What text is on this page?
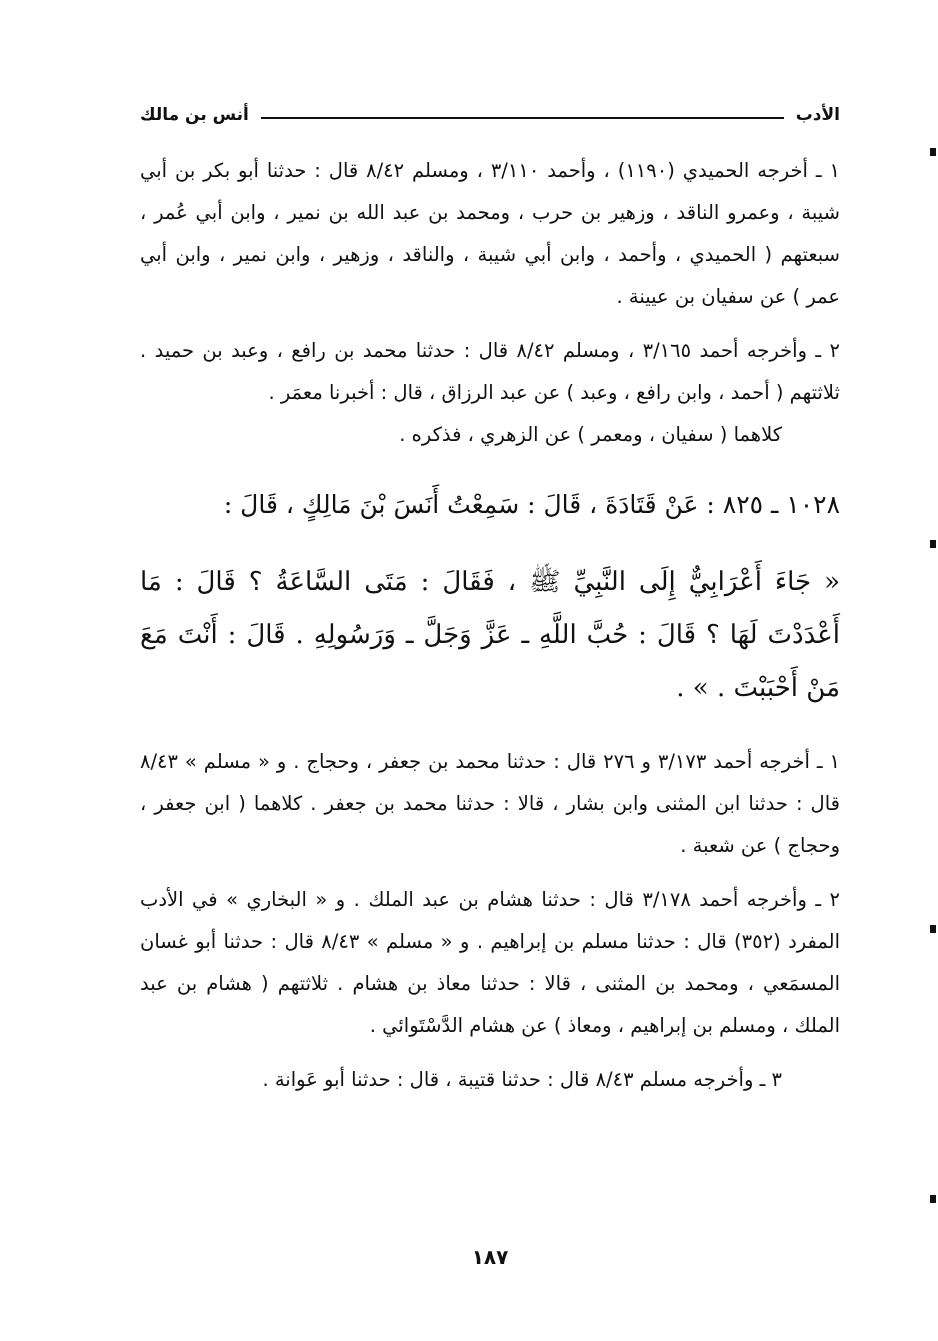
الأدب
أنس بن مالك

١ ـ أخرجه الحميدي (١١٩٠) ، وأحمد ٣/١١٠ ، ومسلم ٨/٤٢ قال : حدثنا أبو بكر بن أبي شيبة ، وعمرو الناقد ، وزهير بن حرب ، ومحمد بن عبد الله بن نمير ، وابن أبي عُمر ، سبعتهم ( الحميدي ، وأحمد ، وابن أبي شيبة ، والناقد ، وزهير ، وابن نمير ، وابن أبي عمر ) عن سفيان بن عيينة .

٢ ـ وأخرجه أحمد ٣/١٦٥ ، ومسلم ٨/٤٢ قال : حدثنا محمد بن رافع ، وعبد بن حميد . ثلاثتهم ( أحمد ، وابن رافع ، وعبد ) عن عبد الرزاق ، قال : أخبرنا معمَر .

كلاهما ( سفيان ، ومعمر ) عن الزهري ، فذكره .

١٠٢٨ ـ ٨٢٥ : عَنْ قَتَادَةَ ، قَالَ : سَمِعْتُ أَنَسَ بْنَ مَالِكٍ ، قَالَ :

« جَاءَ أَعْرَابِيٌّ إِلَى النَّبِيِّ ﷺ ، فَقَالَ : مَتَى السَّاعَةُ ؟ قَالَ : مَا أَعْدَدْتَ لَهَا ؟ قَالَ : حُبَّ اللَّهِ ـ عَزَّ وَجَلَّ ـ وَرَسُولِهِ . قَالَ : أَنْتَ مَعَ مَنْ أَحْبَبْتَ . » .

١ ـ أخرجه أحمد ٣/١٧٣ و ٢٧٦ قال : حدثنا محمد بن جعفر ، وحجاج . و « مسلم » ٨/٤٣ قال : حدثنا ابن المثنى وابن بشار ، قالا : حدثنا محمد بن جعفر . كلاهما ( ابن جعفر ، وحجاج ) عن شعبة .

٢ ـ وأخرجه أحمد ٣/١٧٨ قال : حدثنا هشام بن عبد الملك . و « البخاري » في الأدب المفرد (٣٥٢) قال : حدثنا مسلم بن إبراهيم . و « مسلم » ٨/٤٣ قال : حدثنا أبو غسان المسمَعي ، ومحمد بن المثنى ، قالا : حدثنا معاذ بن هشام . ثلاثتهم ( هشام بن عبد الملك ، ومسلم بن إبراهيم ، ومعاذ ) عن هشام الدَّسْتَوائي .

٣ ـ وأخرجه مسلم ٨/٤٣ قال : حدثنا قتيبة ، قال : حدثنا أبو عَوانة .

١٨٧
